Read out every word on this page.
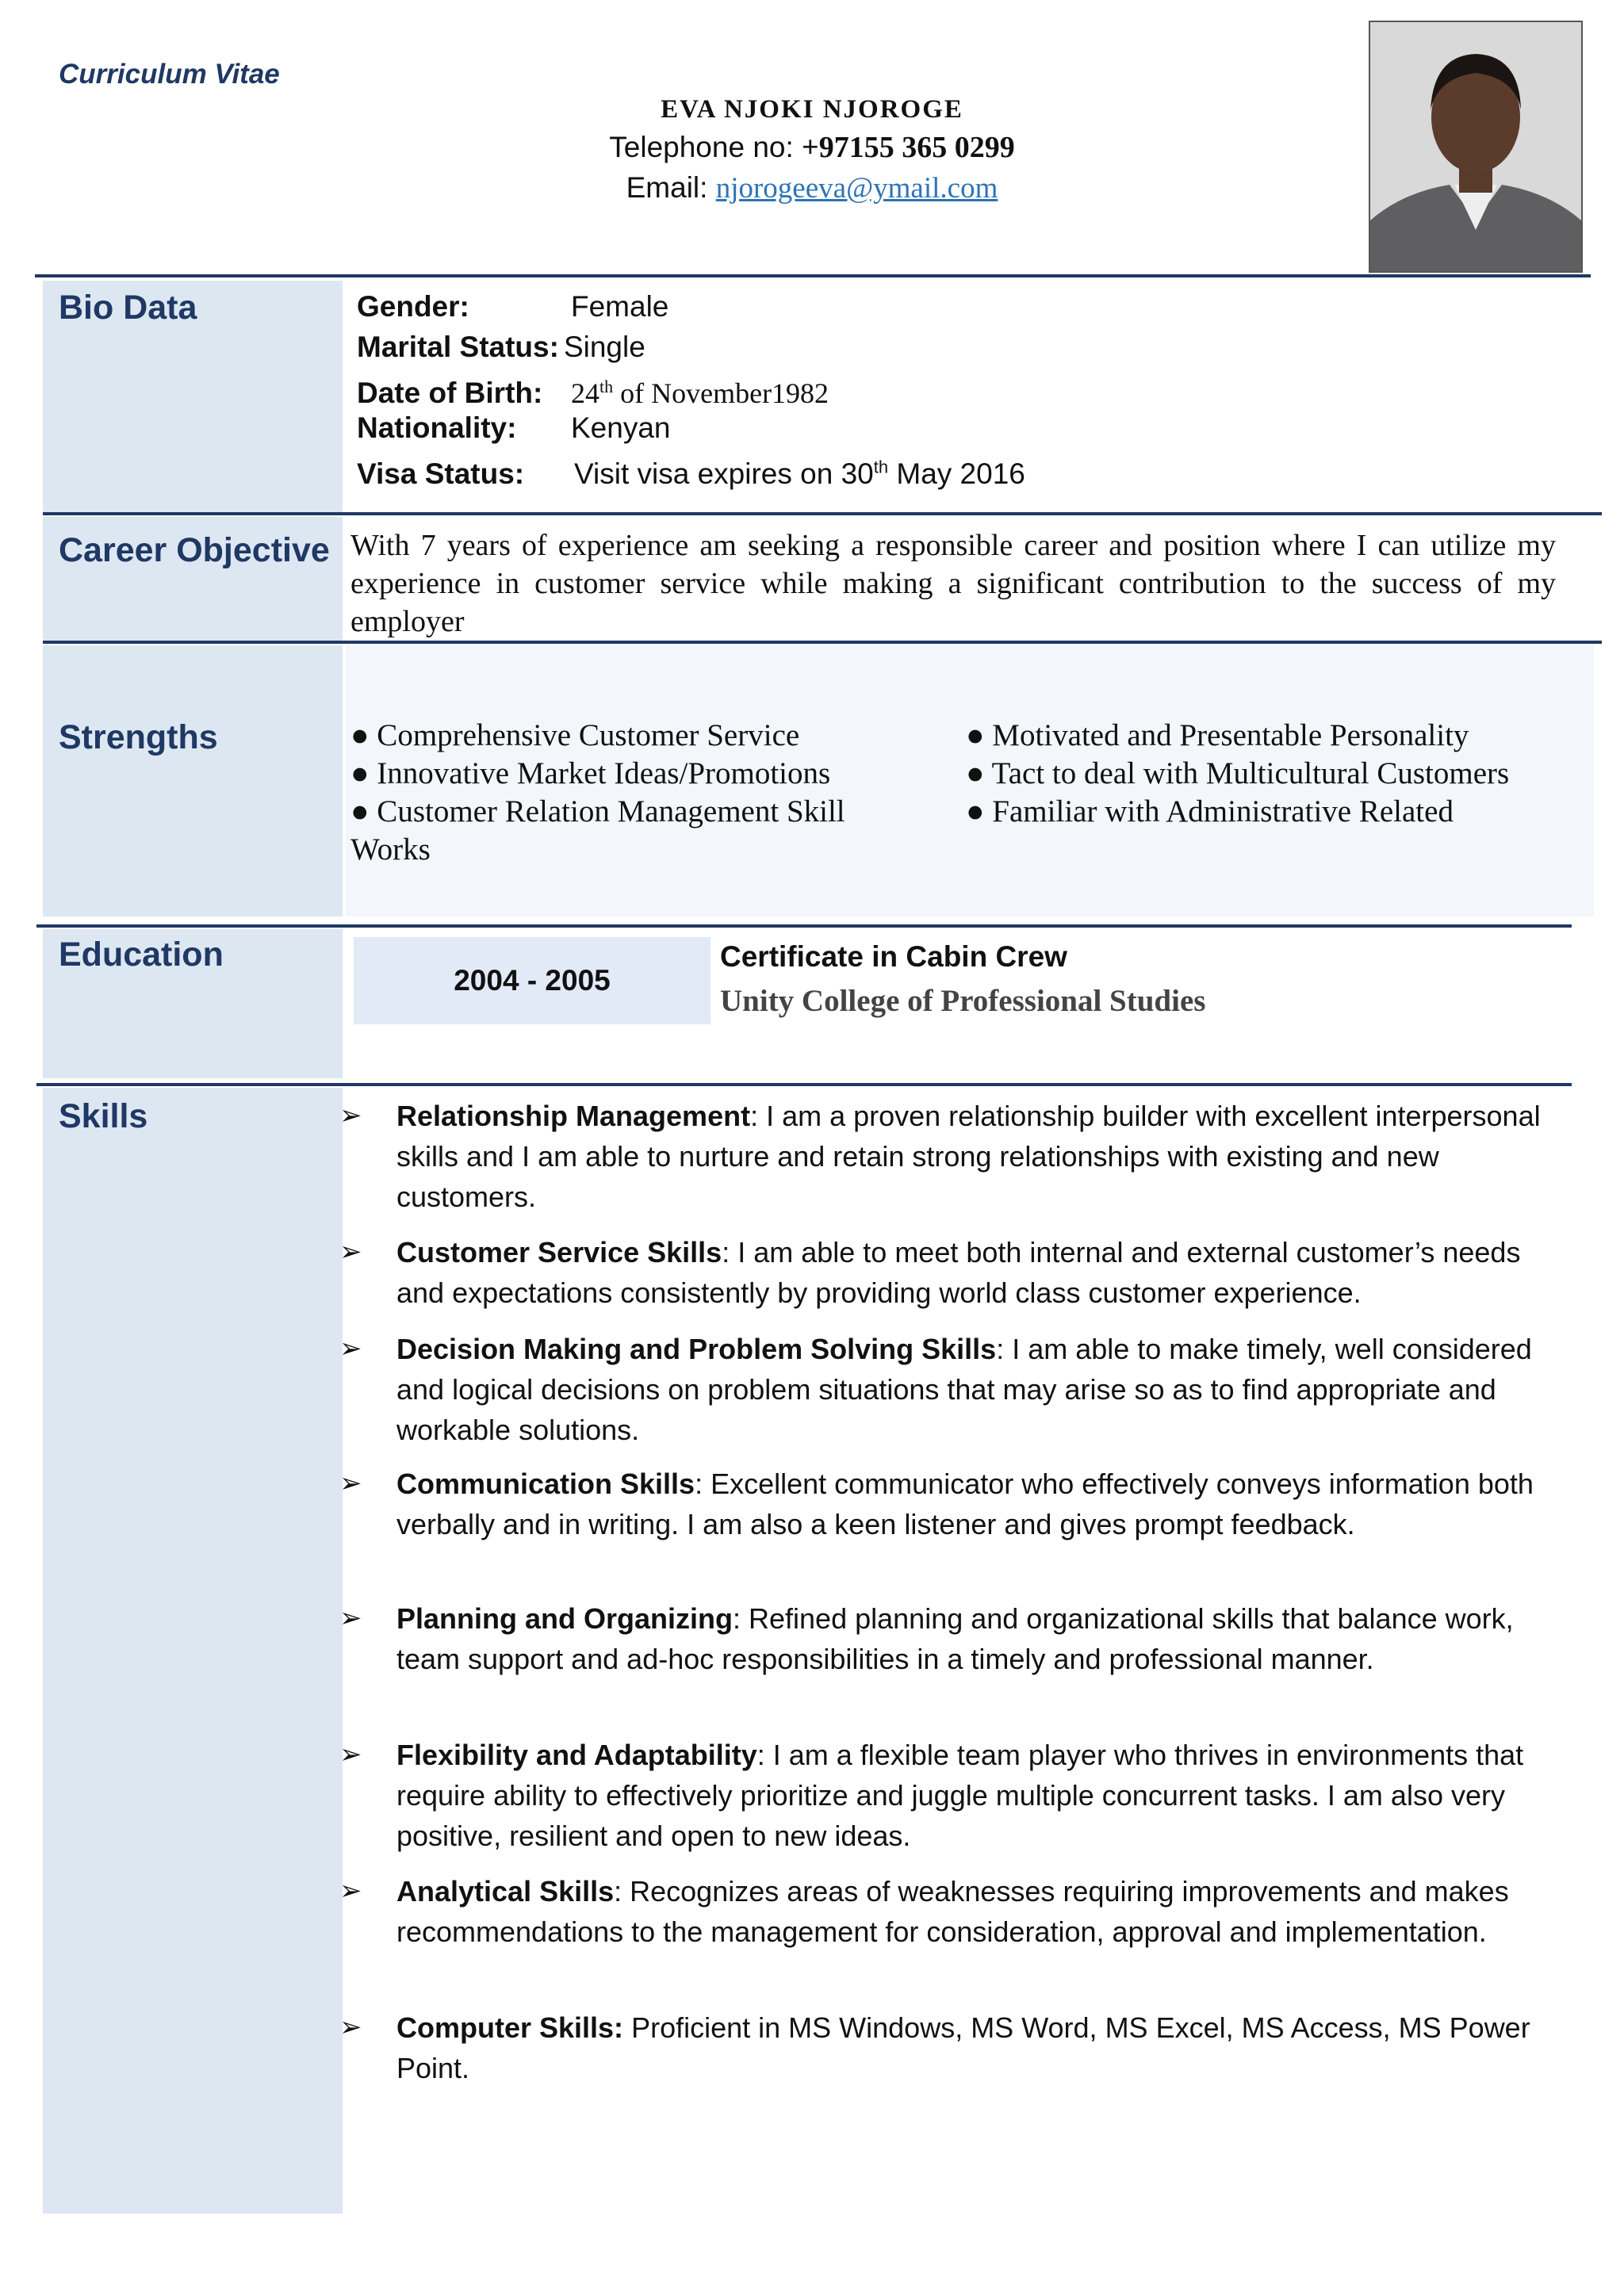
Curriculum Vitae
EVA NJOKI NJOROGE
Telephone no: +97155 365 0299
Email: njorogeeva@ymail.com
Bio Data	Gender:	Female
Marital Status: Single
Date of Birth: 24th of November1982
Nationality: Kenyan
Visa Status: Visit visa expires on 30th May 2016
Career Objective With 7 years of experience am seeking a responsible career and position where I can utilize my experience in customer service while making a significant contribution to the success of my employer
Strengths	● Comprehensive Customer Service
● Innovative Market Ideas/Promotions
● Customer Relation Management Skill
Works
● Motivated and Presentable Personality
● Tact to deal with Multicultural Customers
● Familiar with Administrative Related
Education
2004 - 2005
Certificate in Cabin Crew
Unity College of Professional Studies
Skills	➢ Relationship Management: I am a proven relationship builder with excellent interpersonal skills and I am able to nurture and retain strong relationships with existing and new customers.
➢ Customer Service Skills: I am able to meet both internal and external customer’s needs and expectations consistently by providing world class customer experience.
➢ Decision Making and Problem Solving Skills: I am able to make timely, well considered and logical decisions on problem situations that may arise so as to find appropriate and workable solutions.
➢ Communication Skills: Excellent communicator who effectively conveys information both verbally and in writing. I am also a keen listener and gives prompt feedback.
➢ Planning and Organizing: Refined planning and organizational skills that balance work, team support and ad-hoc responsibilities in a timely and professional manner.
➢ Flexibility and Adaptability: I am a flexible team player who thrives in environments that require ability to effectively prioritize and juggle multiple concurrent tasks. I am also very positive, resilient and open to new ideas.
➢ Analytical Skills: Recognizes areas of weaknesses requiring improvements and makes recommendations to the management for consideration, approval and implementation.
➢ Computer Skills: Proficient in MS Windows, MS Word, MS Excel, MS Access, MS Power Point.
